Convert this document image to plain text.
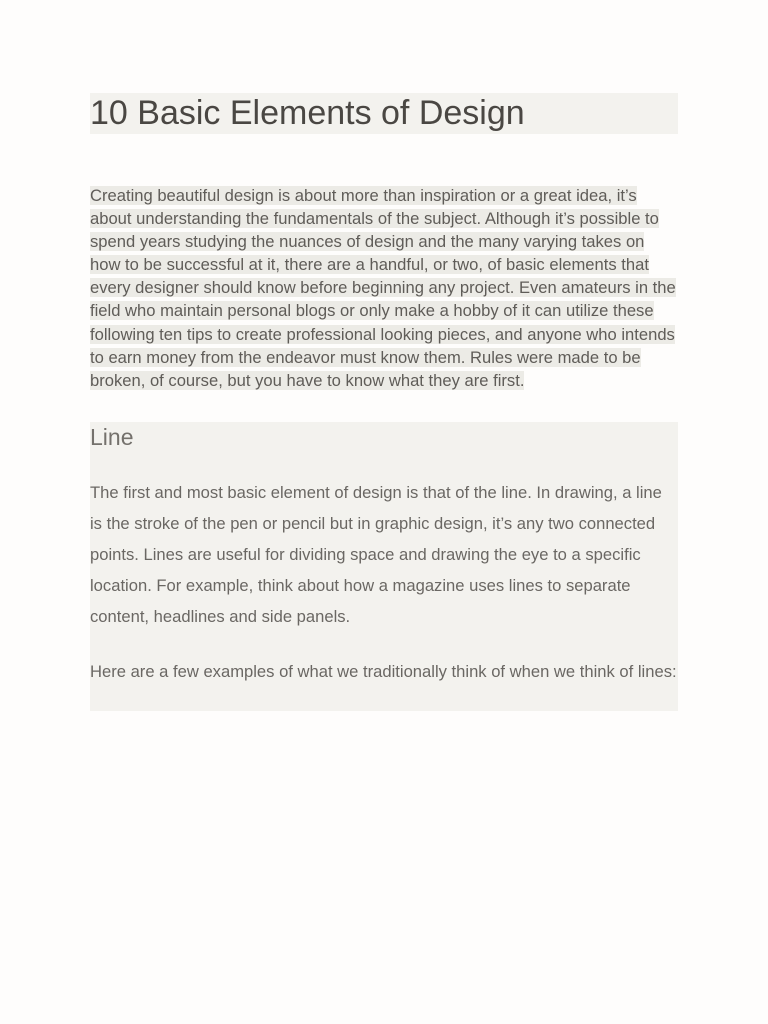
10 Basic Elements of Design

Creating beautiful design is about more than inspiration or a great idea, it’s about understanding the fundamentals of the subject. Although it’s possible to spend years studying the nuances of design and the many varying takes on how to be successful at it, there are a handful, or two, of basic elements that every designer should know before beginning any project. Even amateurs in the field who maintain personal blogs or only make a hobby of it can utilize these following ten tips to create professional looking pieces, and anyone who intends to earn money from the endeavor must know them. Rules were made to be broken, of course, but you have to know what they are first.

Line

The first and most basic element of design is that of the line. In drawing, a line is the stroke of the pen or pencil but in graphic design, it’s any two connected points. Lines are useful for dividing space and drawing the eye to a specific location. For example, think about how a magazine uses lines to separate content, headlines and side panels.

Here are a few examples of what we traditionally think of when we think of lines:
